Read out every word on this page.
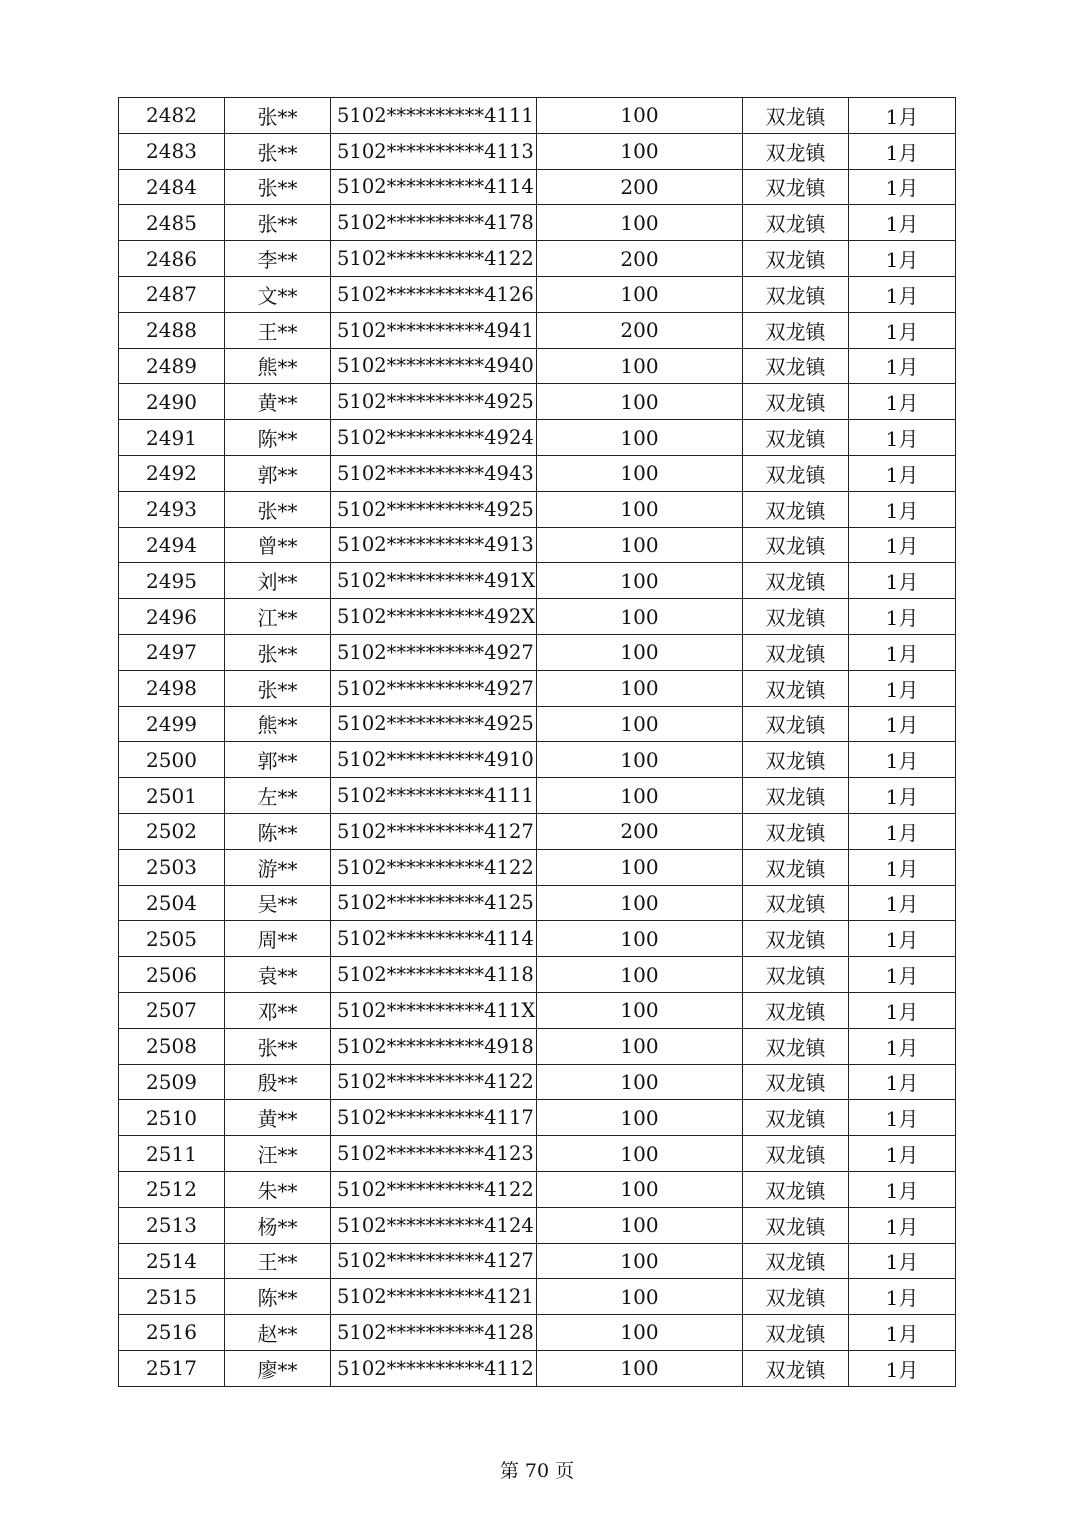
2482	张**	5102**********4111	100	双龙镇	1月
2483	张**	5102**********4113	100	双龙镇	1月
2484	张**	5102**********4114	200	双龙镇	1月
2485	张**	5102**********4178	100	双龙镇	1月
2486	李**	5102**********4122	200	双龙镇	1月
2487	文**	5102**********4126	100	双龙镇	1月
2488	王**	5102**********4941	200	双龙镇	1月
2489	熊**	5102**********4940	100	双龙镇	1月
2490	黄**	5102**********4925	100	双龙镇	1月
2491	陈**	5102**********4924	100	双龙镇	1月
2492	郭**	5102**********4943	100	双龙镇	1月
2493	张**	5102**********4925	100	双龙镇	1月
2494	曾**	5102**********4913	100	双龙镇	1月
2495	刘**	5102**********491X	100	双龙镇	1月
2496	江**	5102**********492X	100	双龙镇	1月
2497	张**	5102**********4927	100	双龙镇	1月
2498	张**	5102**********4927	100	双龙镇	1月
2499	熊**	5102**********4925	100	双龙镇	1月
2500	郭**	5102**********4910	100	双龙镇	1月
2501	左**	5102**********4111	100	双龙镇	1月
2502	陈**	5102**********4127	200	双龙镇	1月
2503	游**	5102**********4122	100	双龙镇	1月
2504	吴**	5102**********4125	100	双龙镇	1月
2505	周**	5102**********4114	100	双龙镇	1月
2506	袁**	5102**********4118	100	双龙镇	1月
2507	邓**	5102**********411X	100	双龙镇	1月
2508	张**	5102**********4918	100	双龙镇	1月
2509	殷**	5102**********4122	100	双龙镇	1月
2510	黄**	5102**********4117	100	双龙镇	1月
2511	汪**	5102**********4123	100	双龙镇	1月
2512	朱**	5102**********4122	100	双龙镇	1月
2513	杨**	5102**********4124	100	双龙镇	1月
2514	王**	5102**********4127	100	双龙镇	1月
2515	陈**	5102**********4121	100	双龙镇	1月
2516	赵**	5102**********4128	100	双龙镇	1月
2517	廖**	5102**********4112	100	双龙镇	1月
第 70 页
